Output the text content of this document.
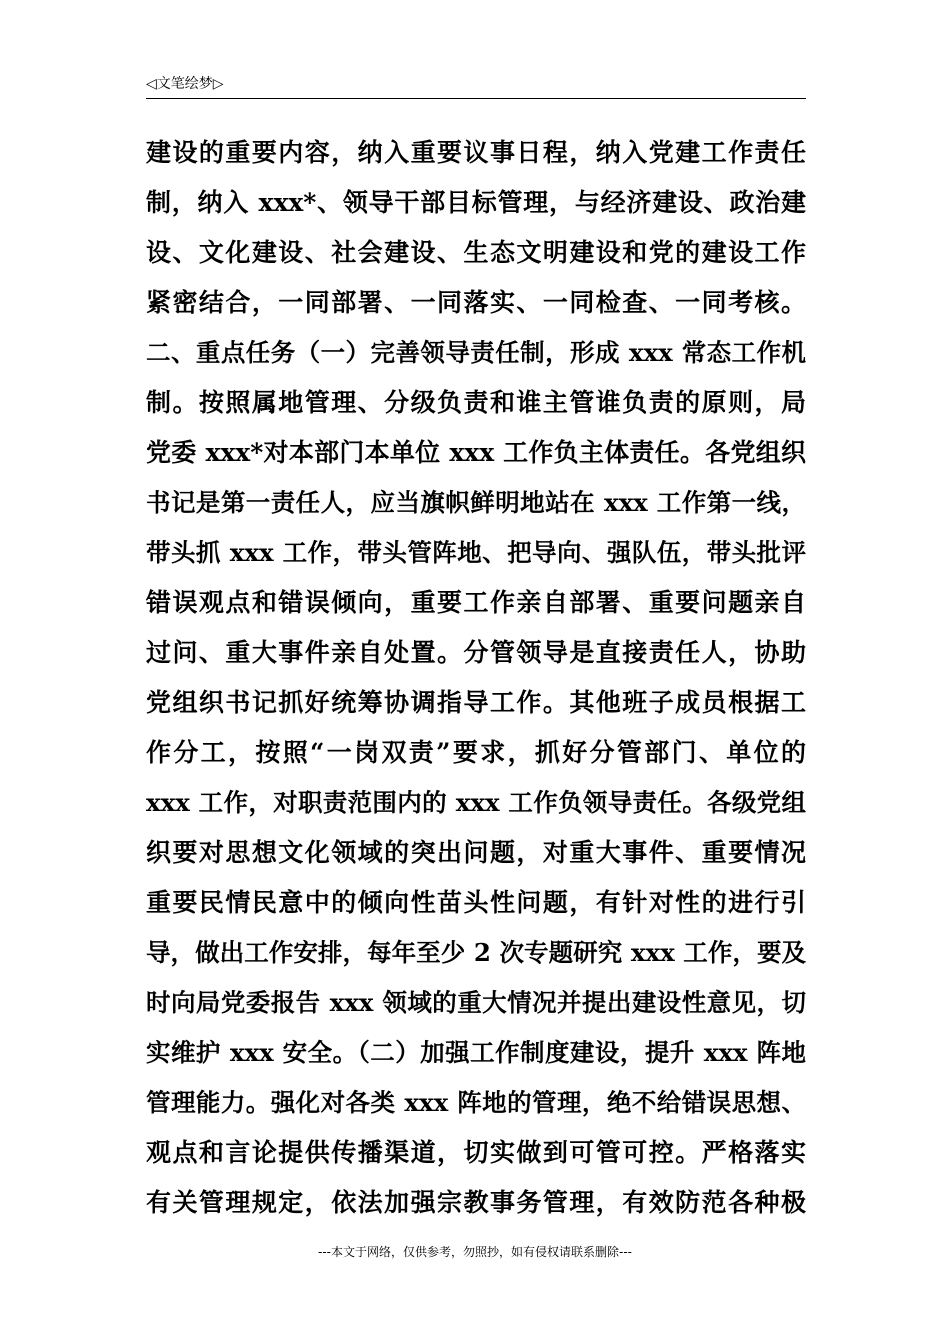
◁文笔绘梦▷
建设的重要内容，纳入重要议事日程，纳入党建工作责任
制，纳入 xxx*、领导干部目标管理，与经济建设、政治建
设、文化建设、社会建设、生态文明建设和党的建设工作
紧密结合，一同部署、一同落实、一同检查、一同考核。
二、重点任务（一）完善领导责任制，形成 xxx 常态工作机
制。按照属地管理、分级负责和谁主管谁负责的原则，局
党委 xxx*对本部门本单位 xxx 工作负主体责任。各党组织
书记是第一责任人，应当旗帜鲜明地站在 xxx 工作第一线，
带头抓 xxx 工作，带头管阵地、把导向、强队伍，带头批评
错误观点和错误倾向，重要工作亲自部署、重要问题亲自
过问、重大事件亲自处置。分管领导是直接责任人，协助
党组织书记抓好统筹协调指导工作。其他班子成员根据工
作分工，按照“一岗双责”要求，抓好分管部门、单位的
xxx 工作，对职责范围内的 xxx 工作负领导责任。各级党组
织要对思想文化领域的突出问题，对重大事件、重要情况
重要民情民意中的倾向性苗头性问题，有针对性的进行引
导，做出工作安排，每年至少 2 次专题研究 xxx 工作，要及
时向局党委报告 xxx 领域的重大情况并提出建设性意见，切
实维护 xxx 安全。（二）加强工作制度建设，提升 xxx 阵地
管理能力。强化对各类 xxx 阵地的管理，绝不给错误思想、
观点和言论提供传播渠道，切实做到可管可控。严格落实
有关管理规定，依法加强宗教事务管理，有效防范各种极
---本文于网络，仅供参考，勿照抄，如有侵权请联系删除---
